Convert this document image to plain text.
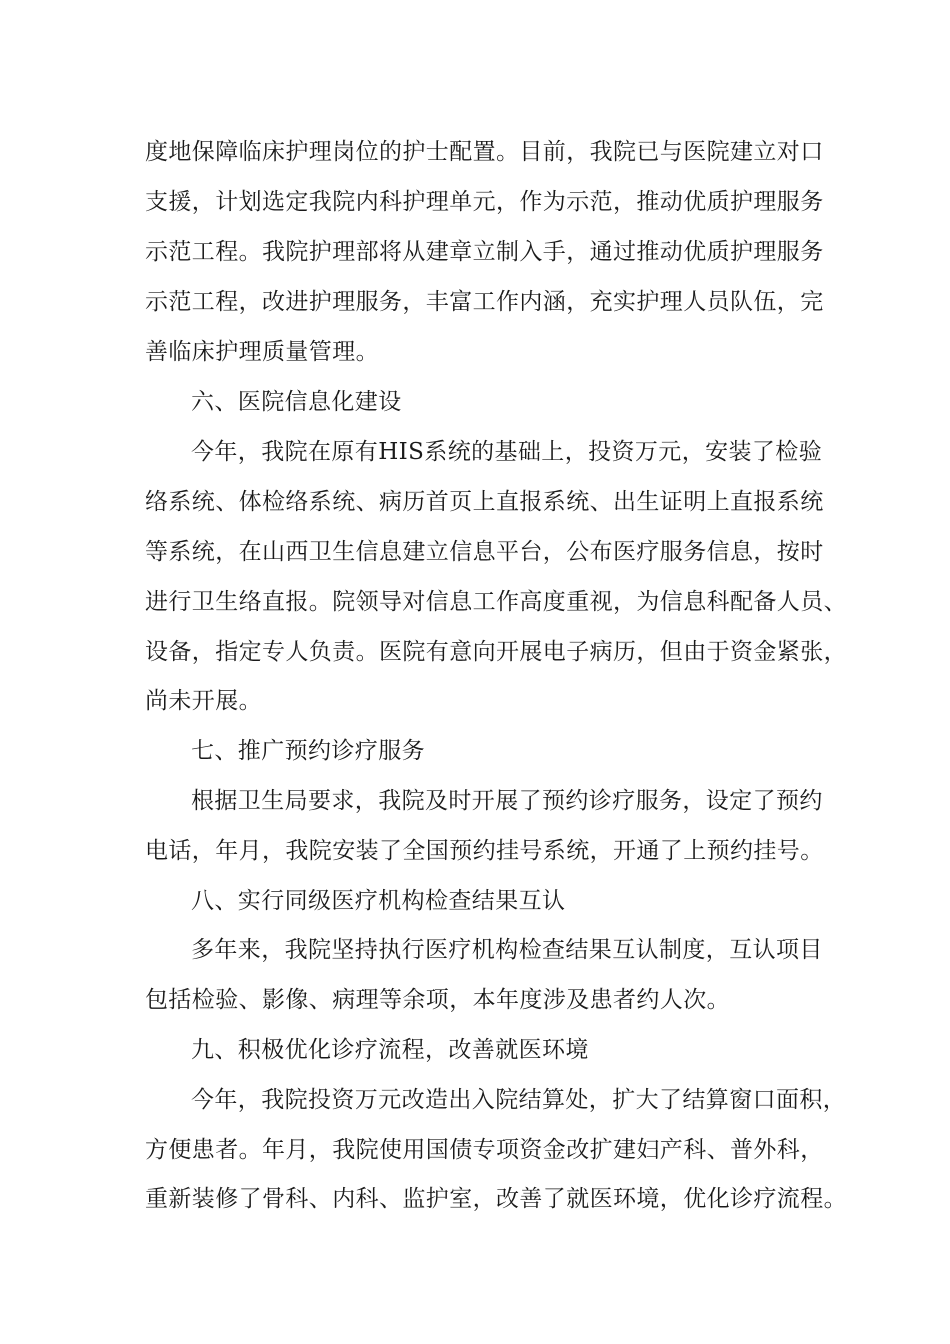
度地保障临床护理岗位的护士配置。目前，我院已与医院建立对口
支援，计划选定我院内科护理单元，作为示范，推动优质护理服务
示范工程。我院护理部将从建章立制入手，通过推动优质护理服务
示范工程，改进护理服务，丰富工作内涵，充实护理人员队伍，完
善临床护理质量管理。
六、医院信息化建设
今年，我院在原有HIS系统的基础上，投资万元，安装了检验
络系统、体检络系统、病历首页上直报系统、出生证明上直报系统
等系统，在山西卫生信息建立信息平台，公布医疗服务信息，按时
进行卫生络直报。院领导对信息工作高度重视，为信息科配备人员、
设备，指定专人负责。医院有意向开展电子病历，但由于资金紧张，
尚未开展。
七、推广预约诊疗服务
根据卫生局要求，我院及时开展了预约诊疗服务，设定了预约
电话，年月，我院安装了全国预约挂号系统，开通了上预约挂号。
八、实行同级医疗机构检查结果互认
多年来，我院坚持执行医疗机构检查结果互认制度，互认项目
包括检验、影像、病理等余项，本年度涉及患者约人次。
九、积极优化诊疗流程，改善就医环境
今年，我院投资万元改造出入院结算处，扩大了结算窗口面积，
方便患者。年月，我院使用国债专项资金改扩建妇产科、普外科，
重新装修了骨科、内科、监护室，改善了就医环境，优化诊疗流程。
